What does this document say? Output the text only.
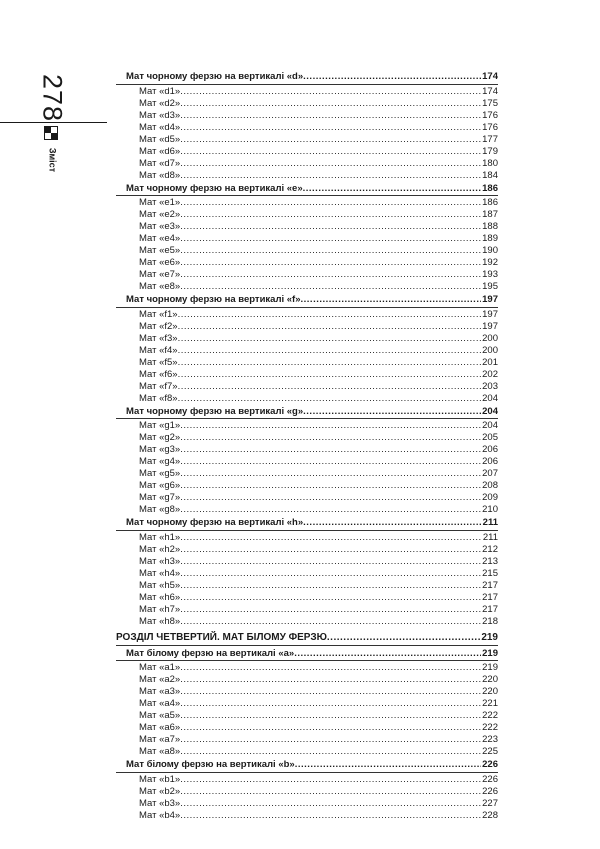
278
Зміст
Мат чорному ферзю на вертикалі «d» .....	174
Мат «d1» .....	174
Мат «d2» .....	175
Мат «d3» .....	176
Мат «d4» .....	176
Мат «d5» .....	177
Мат «d6» .....	179
Мат «d7» .....	180
Мат «d8» .....	184
Мат чорному ферзю на вертикалі «e» .....	186
Мат «e1» .....	186
Мат «e2» .....	187
Мат «e3» .....	188
Мат «e4» .....	189
Мат «e5» .....	190
Мат «e6» .....	192
Мат «e7» .....	193
Мат «e8» .....	195
Мат чорному ферзю на вертикалі «f» .....	197
Мат «f1» .....	197
Мат «f2» .....	197
Мат «f3» .....	200
Мат «f4» .....	200
Мат «f5» .....	201
Мат «f6» .....	202
Мат «f7» .....	203
Мат «f8» .....	204
Мат чорному ферзю на вертикалі «g» .....	204
Мат «g1» .....	204
Мат «g2» .....	205
Мат «g3» .....	206
Мат «g4» .....	206
Мат «g5» .....	207
Мат «g6» .....	208
Мат «g7» .....	209
Мат «g8» .....	210
Мат чорному ферзю на вертикалі «h» .....	211
Мат «h1» .....	211
Мат «h2» .....	212
Мат «h3» .....	213
Мат «h4» .....	215
Мат «h5» .....	217
Мат «h6» .....	217
Мат «h7» .....	217
Мат «h8» .....	218
РОЗДІЛ ЧЕТВЕРТИЙ. МАТ БІЛОМУ ФЕРЗЮ .....	219
Мат білому ферзю на вертикалі «a» .....	219
Мат «a1» .....	219
Мат «a2» .....	220
Мат «a3» .....	220
Мат «a4» .....	221
Мат «a5» .....	222
Мат «a6» .....	222
Мат «a7» .....	223
Мат «a8» .....	225
Мат білому ферзю на вертикалі «b» .....	226
Мат «b1» .....	226
Мат «b2» .....	226
Мат «b3» .....	227
Мат «b4» .....	228
